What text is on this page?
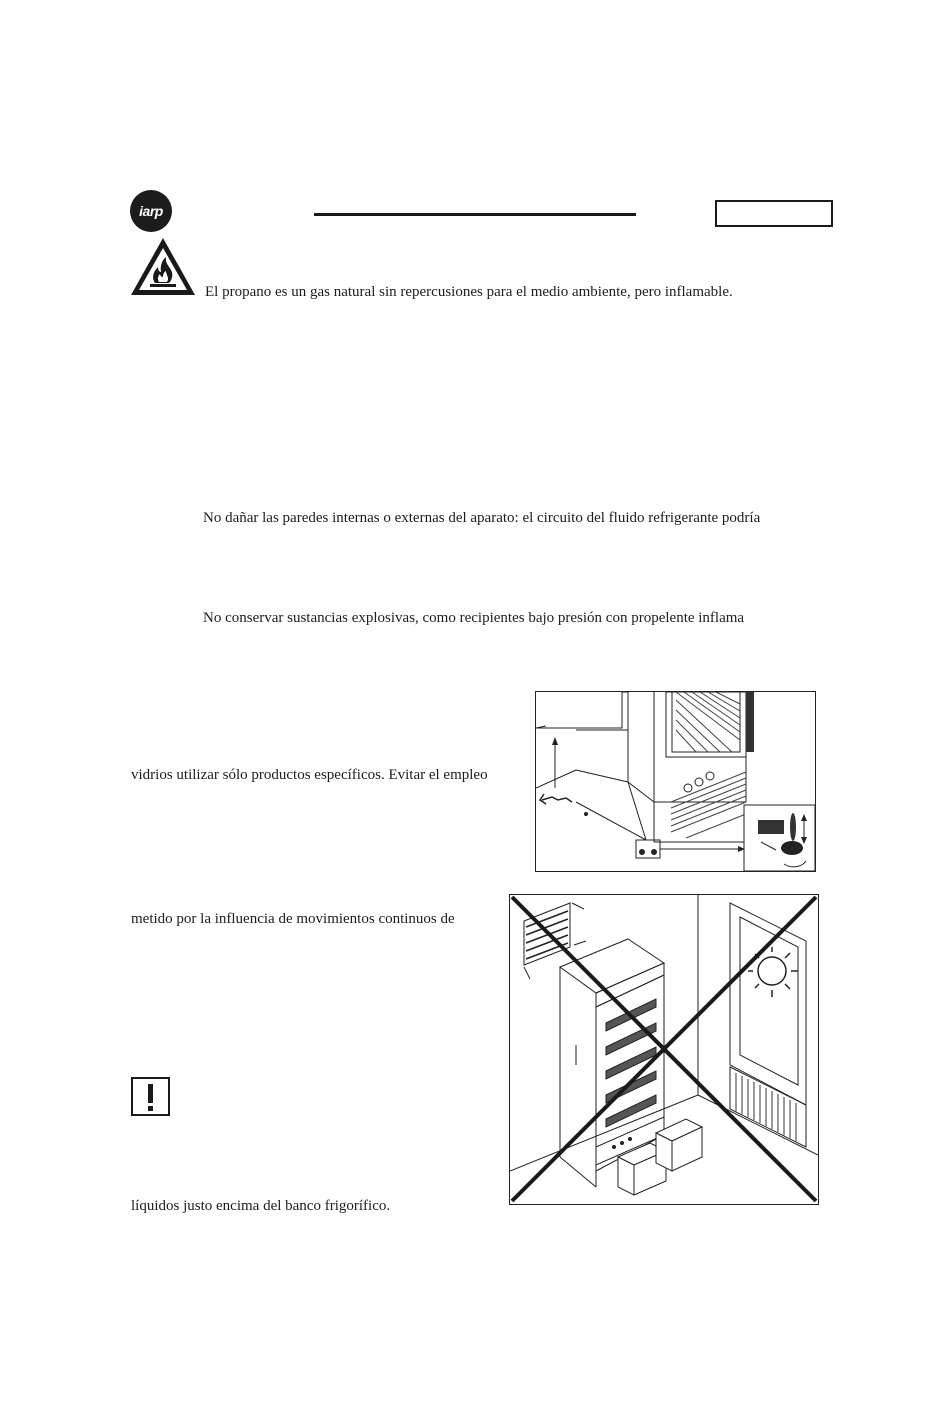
iarp
El propano es un gas natural sin repercusiones para el medio ambiente, pero inflamable.
No dañar las paredes internas o externas del aparato: el circuito del fluido refrigerante podría
No conservar sustancias explosivas, como recipientes bajo presión con propelente inflama
vidrios utilizar sólo productos específicos. Evitar el empleo
metido por la influencia de movimientos continuos de
líquidos justo encima del banco frigorífico.
